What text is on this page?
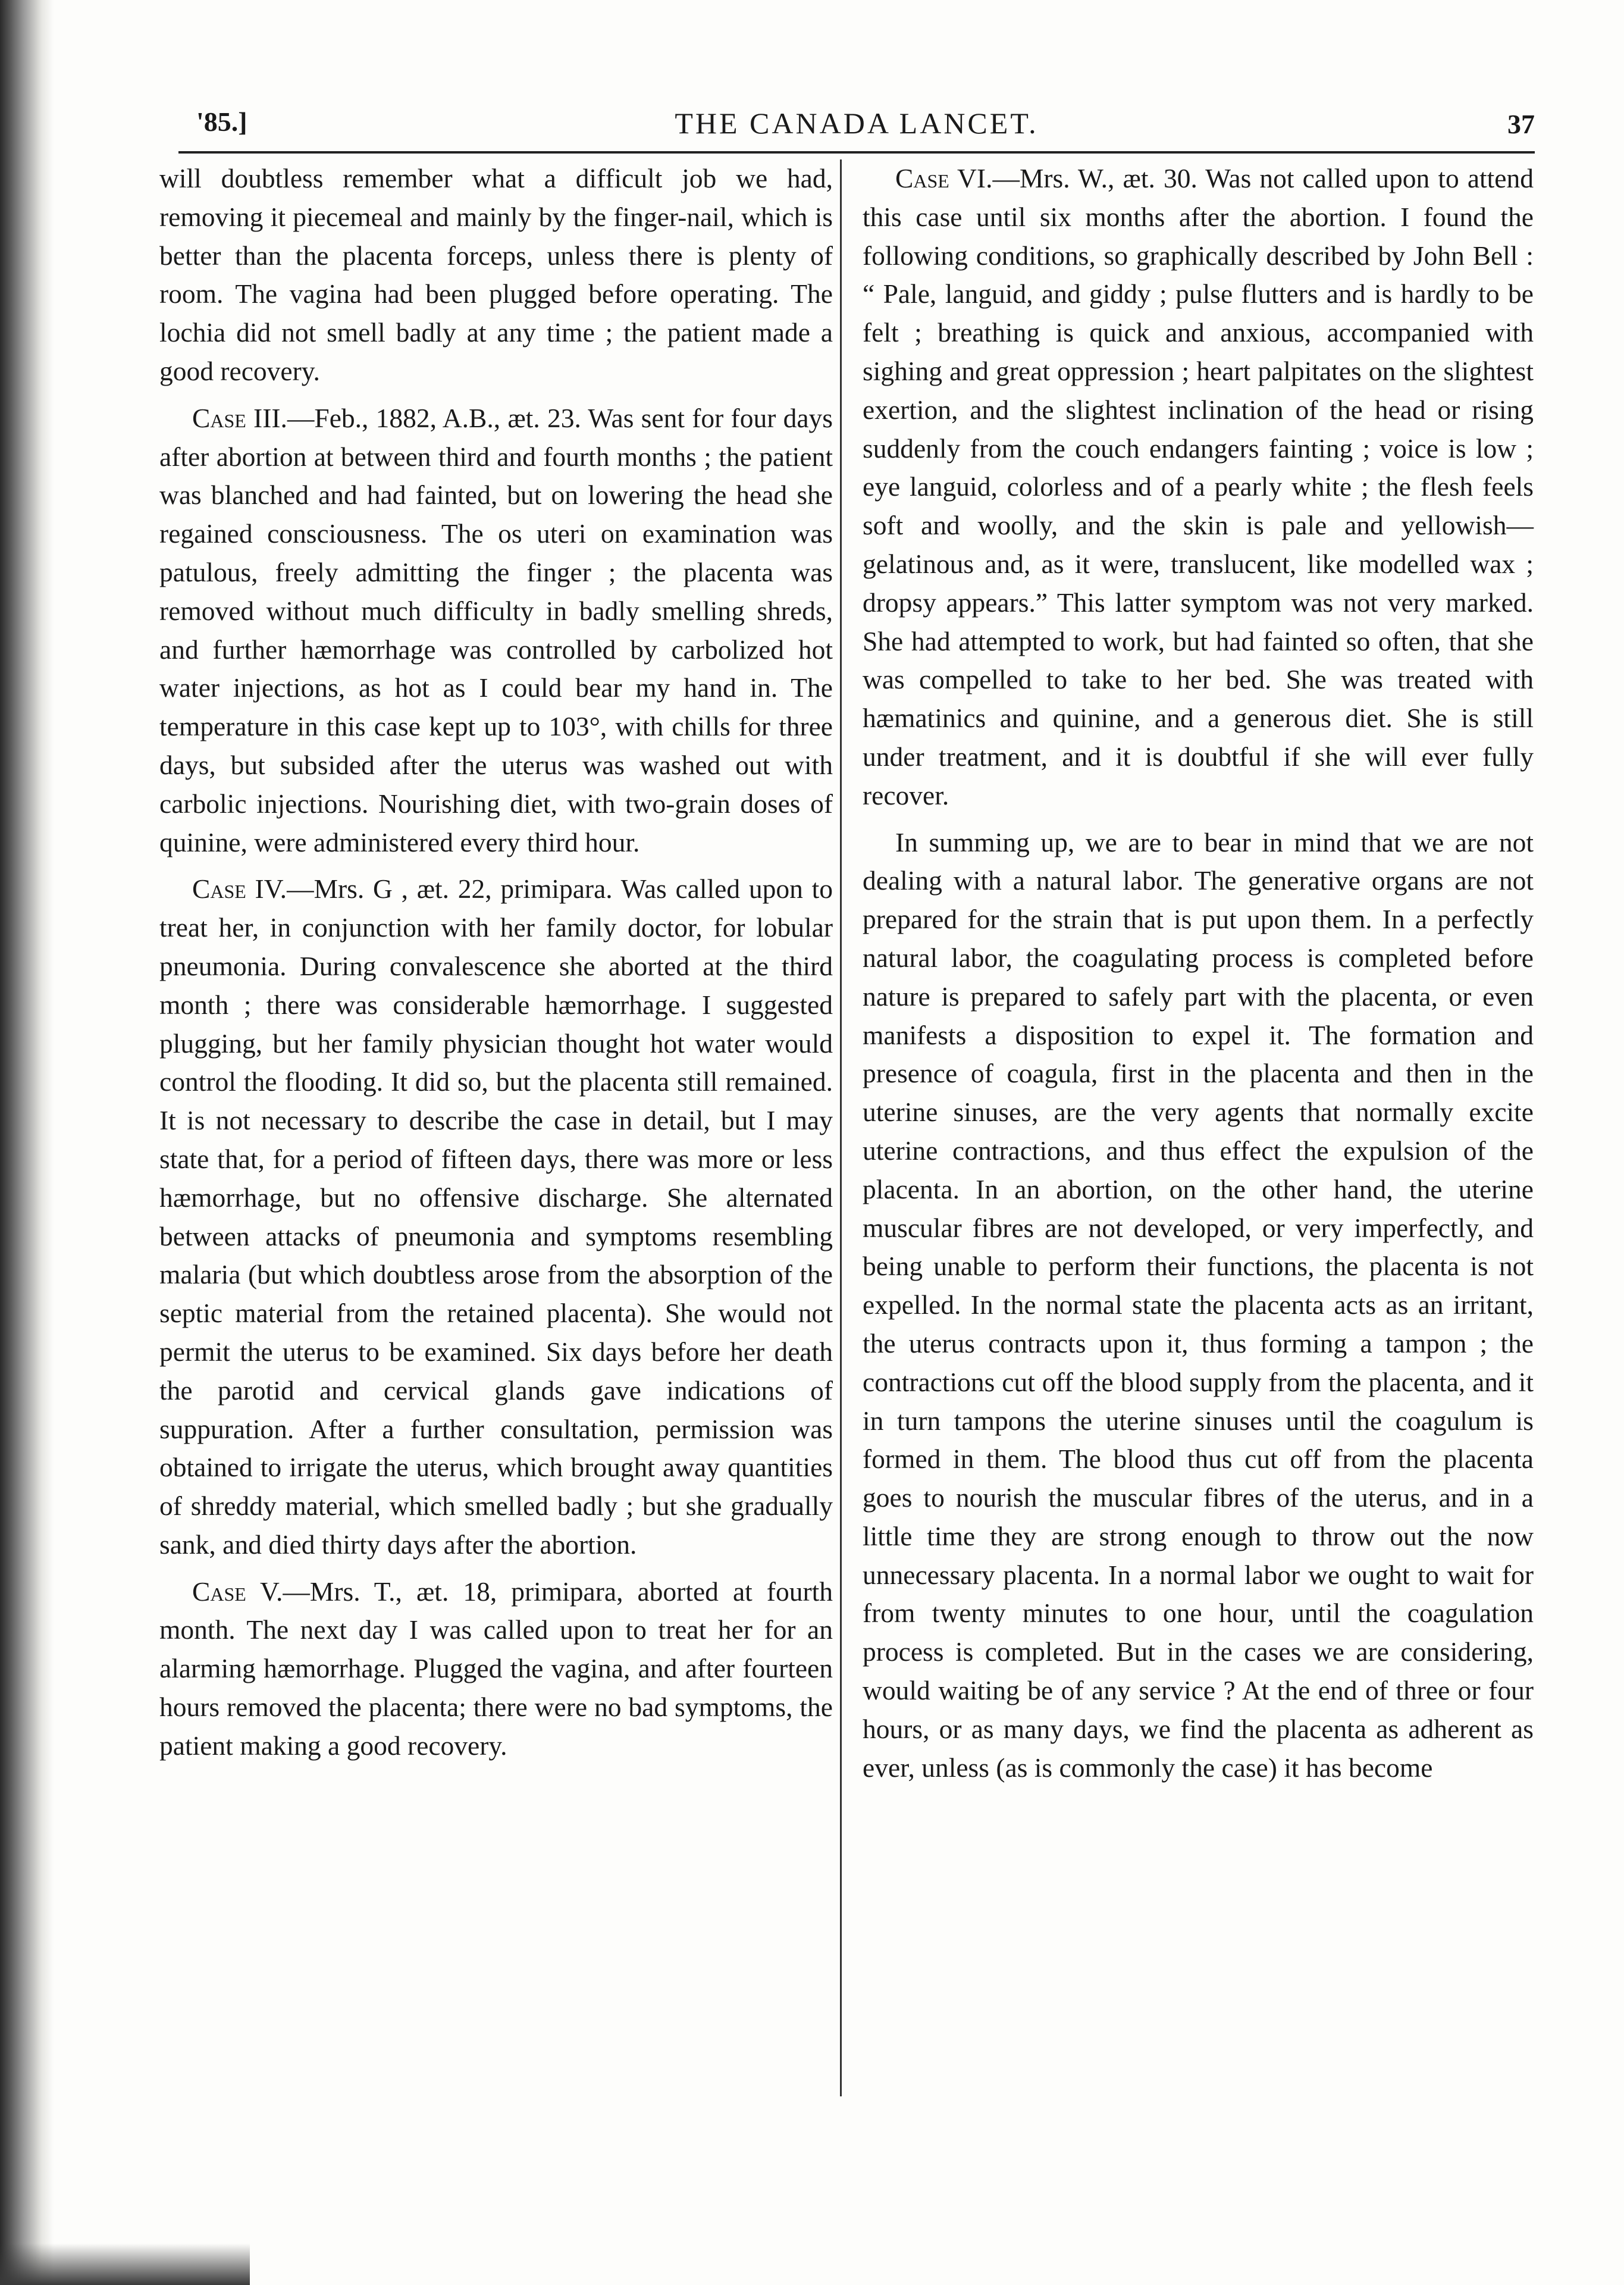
'85.]	THE CANADA LANCET.	37

will doubtless remember what a difficult job we had, removing it piecemeal and mainly by the finger-nail, which is better than the placenta forceps, unless there is plenty of room. The vagina had been plugged before operating. The lochia did not smell badly at any time ; the patient made a good recovery.

Case III.—Feb., 1882, A.B., æt. 23. Was sent for four days after abortion at between third and fourth months ; the patient was blanched and had fainted, but on lowering the head she regained consciousness. The os uteri on examination was patulous, freely admitting the finger ; the placenta was removed without much difficulty in badly smelling shreds, and further hæmorrhage was controlled by carbolized hot water injections, as hot as I could bear my hand in. The temperature in this case kept up to 103°, with chills for three days, but subsided after the uterus was washed out with carbolic injections. Nourishing diet, with two-grain doses of quinine, were administered every third hour.

Case IV.—Mrs. G , æt. 22, primipara. Was called upon to treat her, in conjunction with her family doctor, for lobular pneumonia. During convalescence she aborted at the third month ; there was considerable hæmorrhage. I suggested plugging, but her family physician thought hot water would control the flooding. It did so, but the placenta still remained. It is not necessary to describe the case in detail, but I may state that, for a period of fifteen days, there was more or less hæmorrhage, but no offensive discharge. She alternated between attacks of pneumonia and symptoms resembling malaria (but which doubtless arose from the absorption of the septic material from the retained placenta). She would not permit the uterus to be examined. Six days before her death the parotid and cervical glands gave indications of suppuration. After a further consultation, permission was obtained to irrigate the uterus, which brought away quantities of shreddy material, which smelled badly ; but she gradually sank, and died thirty days after the abortion.

Case V.—Mrs. T., æt. 18, primipara, aborted at fourth month. The next day I was called upon to treat her for an alarming hæmorrhage. Plugged the vagina, and after fourteen hours removed the placenta; there were no bad symptoms, the patient making a good recovery.

Case VI.—Mrs. W., æt. 30. Was not called upon to attend this case until six months after the abortion. I found the following conditions, so graphically described by John Bell : “ Pale, languid, and giddy ; pulse flutters and is hardly to be felt ; breathing is quick and anxious, accompanied with sighing and great oppression ; heart palpitates on the slightest exertion, and the slightest inclination of the head or rising suddenly from the couch endangers fainting ; voice is low ; eye languid, colorless and of a pearly white ; the flesh feels soft and woolly, and the skin is pale and yellowish—gelatinous and, as it were, translucent, like modelled wax ; dropsy appears.” This latter symptom was not very marked. She had attempted to work, but had fainted so often, that she was compelled to take to her bed. She was treated with hæmatinics and quinine, and a generous diet. She is still under treatment, and it is doubtful if she will ever fully recover.

In summing up, we are to bear in mind that we are not dealing with a natural labor. The generative organs are not prepared for the strain that is put upon them. In a perfectly natural labor, the coagulating process is completed before nature is prepared to safely part with the placenta, or even manifests a disposition to expel it. The formation and presence of coagula, first in the placenta and then in the uterine sinuses, are the very agents that normally excite uterine contractions, and thus effect the expulsion of the placenta. In an abortion, on the other hand, the uterine muscular fibres are not developed, or very imperfectly, and being unable to perform their functions, the placenta is not expelled. In the normal state the placenta acts as an irritant, the uterus contracts upon it, thus forming a tampon ; the contractions cut off the blood supply from the placenta, and it in turn tampons the uterine sinuses until the coagulum is formed in them. The blood thus cut off from the placenta goes to nourish the muscular fibres of the uterus, and in a little time they are strong enough to throw out the now unnecessary placenta. In a normal labor we ought to wait for from twenty minutes to one hour, until the coagulation process is completed. But in the cases we are considering, would waiting be of any service ? At the end of three or four hours, or as many days, we find the placenta as adherent as ever, unless (as is commonly the case) it has become
